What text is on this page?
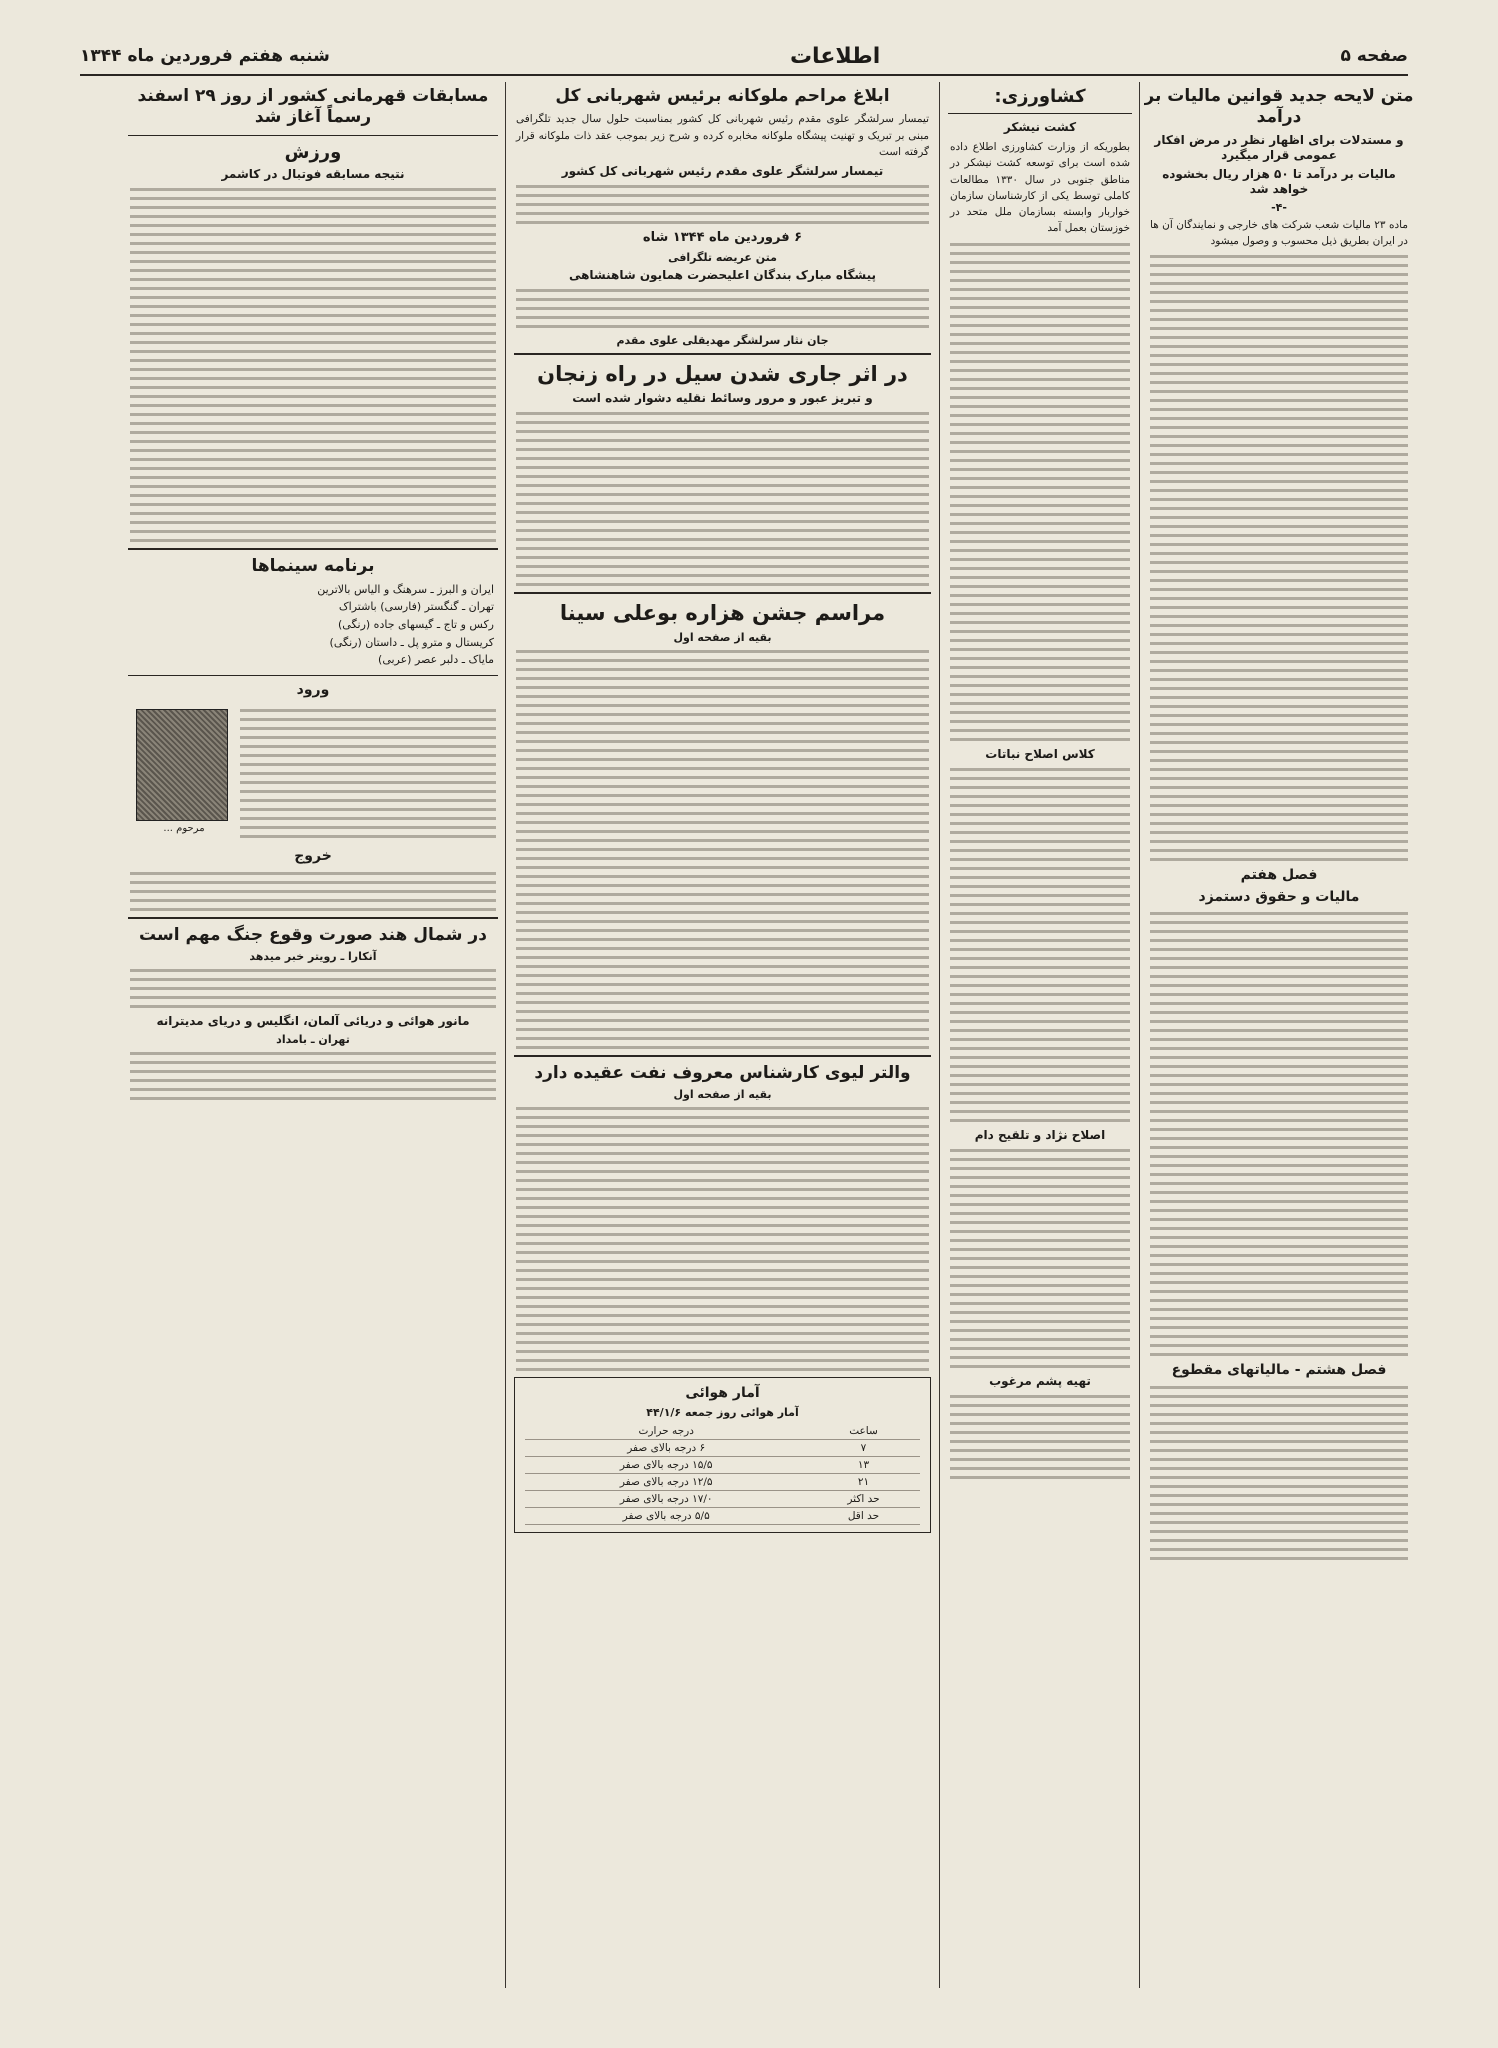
صفحه ۵
اطلاعات
شنبه هفتم فروردین ماه ۱۳۴۴
متن لایحه جدید قوانین مالیات بر درآمد
و مستدلات برای اظهار نظر در مرض افکار عمومی قرار میگیرد
مالیات بر درآمد تا ۵۰ هزار ریال بخشوده خواهد شد
-۴-
ماده ۲۳ مالیات شعب شرکت های خارجی و نمایندگان آن ها در ایران بطریق ذیل محسوب و وصول میشود
فصل هفتم
مالیات و حقوق دستمزد
فصل هشتم - مالیاتهای مقطوع
کشاورزی:
کشت نیشکر
بطوریکه از وزارت کشاورزی اطلاع داده شده است برای توسعه کشت نیشکر در مناطق جنوبی در سال ۱۳۳۰ مطالعات کاملی توسط یکی از کارشناسان سازمان خواربار وابسته بسازمان ملل متحد در خوزستان بعمل آمد
کلاس اصلاح نباتات
اصلاح نژاد و تلقیح دام
تهیه پشم مرغوب
ابلاغ مراحم ملوکانه برئیس شهربانی کل
تیمسار سرلشگر علوی مقدم رئیس شهربانی کل کشور بمناسبت حلول سال جدید تلگرافی مبنی بر تبریک و تهنیت پیشگاه ملوکانه مخابره کرده و شرح زیر بموجب عقد ذات ملوکانه قرار گرفته است
تیمسار سرلشگر علوی مقدم رئیس شهربانی کل کشور
۶ فروردین ماه ۱۳۴۴ شاه
متن عریضه تلگرافی
پیشگاه مبارک بندگان اعلیحضرت همایون شاهنشاهی
جان نثار سرلشگر مهدیقلی علوی مقدم
در اثر جاری شدن سیل در راه زنجان
و تبریز عبور و مرور وسائط نقلیه دشوار شده است
مراسم جشن هزاره بوعلی سینا
بقیه از صفحه اول
والتر لیوی کارشناس معروف نفت عقیده دارد
بقیه از صفحه اول
آمار هوائی
آمار هوائی روز جمعه ۴۴/۱/۶
ساعت	درجه حرارت
۷	۶ درجه بالای صفر
۱۳	۱۵/۵ درجه بالای صفر
۲۱	۱۲/۵ درجه بالای صفر
حد اکثر	۱۷/۰ درجه بالای صفر
حد اقل	۵/۵ درجه بالای صفر
مسابقات قهرمانی کشور از روز ۲۹ اسفند رسماً آغاز شد
ورزش
نتیجه مسابقه فوتبال در کاشمر
برنامه سینماها
ایران و البرز ـ سرهنگ و الیاس بالاترین
تهران ـ گنگستر (فارسی) باشتراک
رکس و تاج ـ گیسهای جاده (رنگی)
کریستال و مترو پل ـ داستان (رنگی)
مایاک ـ دلبر عصر (عربی)
ورود
مرحوم ...
خروج
در شمال هند صورت وقوع جنگ مهم است
آنکارا ـ رویتر خبر میدهد
مانور هوائی و دریائی آلمان، انگلیس و دریای مدیترانه
تهران ـ بامداد
